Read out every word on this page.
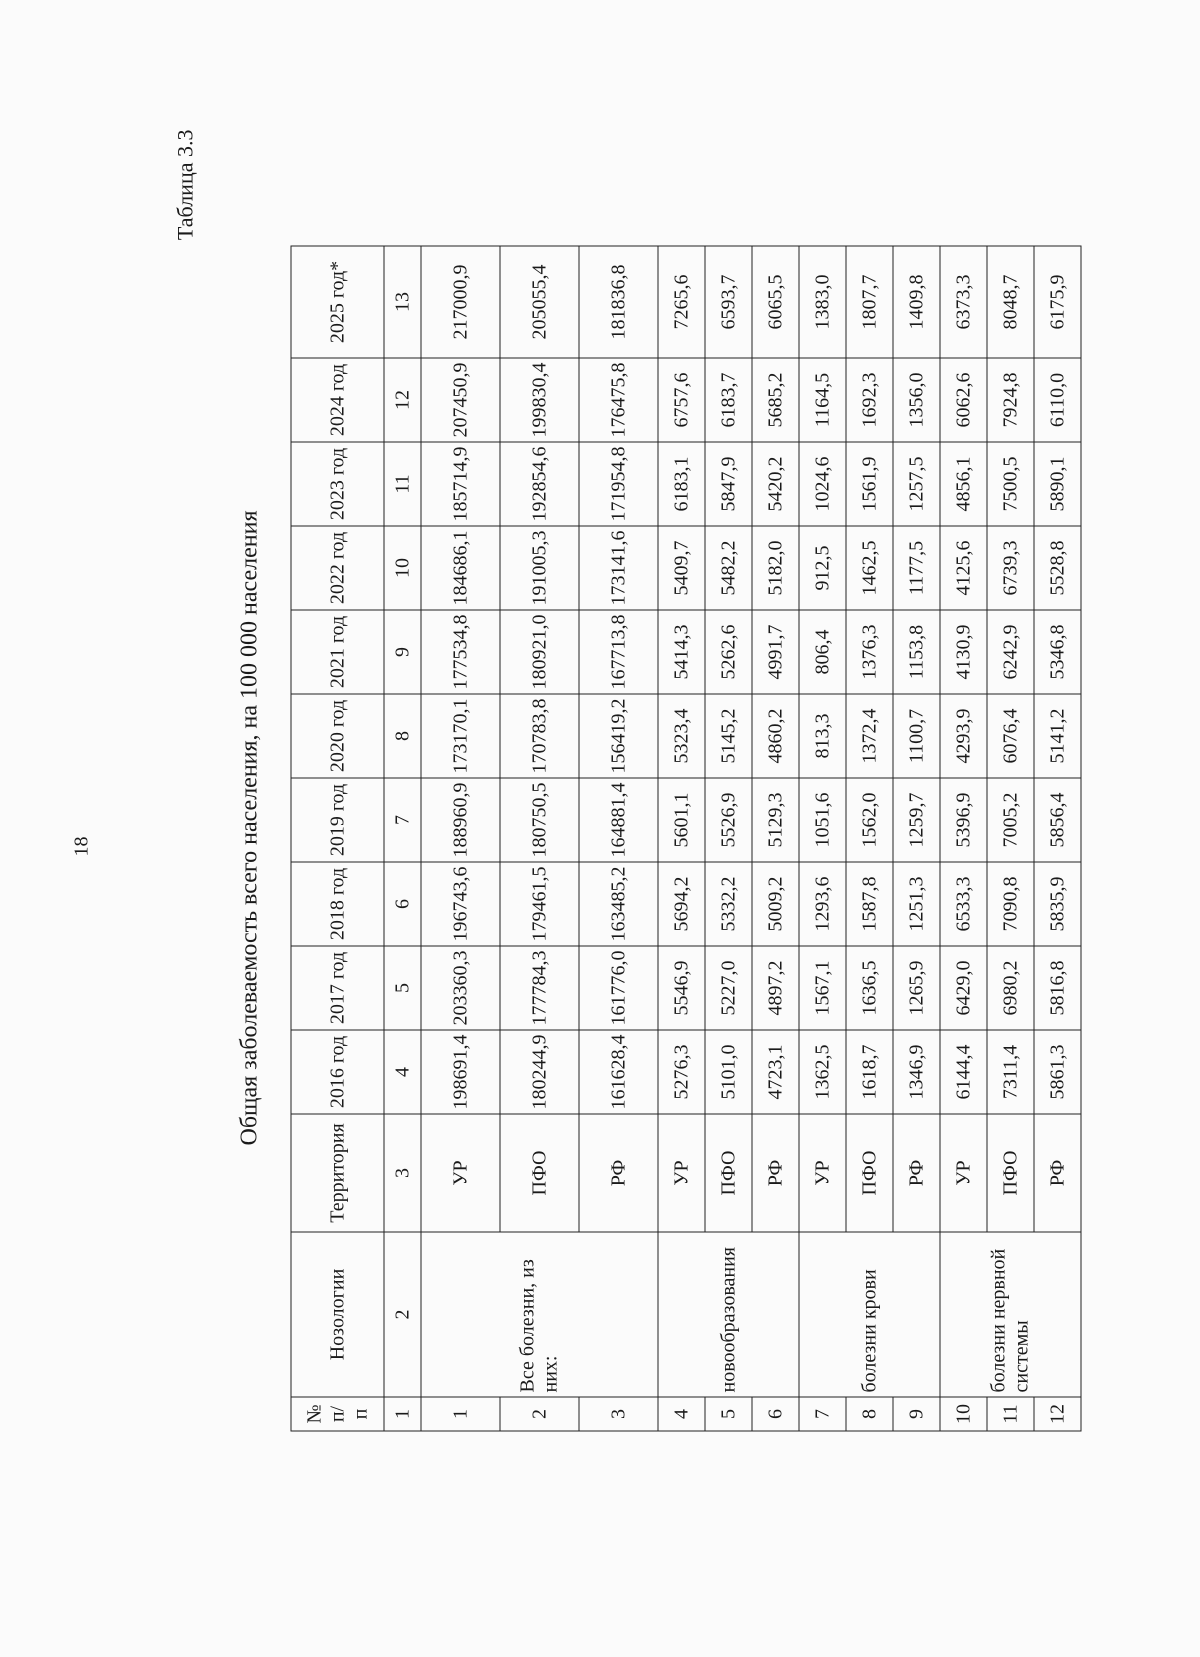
18
Таблица 3.3
Общая заболеваемость всего населения, на 100 000 населения
№ п/п	Нозологии	Территория	2016 год	2017 год	2018 год	2019 год	2020 год	2021 год	2022 год	2023 год	2024 год	2025 год*
1	2	3	4	5	6	7	8	9	10	11	12	13
1	Все болезни, из них:	УР	198691,4	203360,3	196743,6	188960,9	173170,1	177534,8	184686,1	185714,9	207450,9	217000,9
2		ПФО	180244,9	177784,3	179461,5	180750,5	170783,8	180921,0	191005,3	192854,6	199830,4	205055,4
3		РФ	161628,4	161776,0	163485,2	164881,4	156419,2	167713,8	173141,6	171954,8	176475,8	181836,8
4	новообразования	УР	5276,3	5546,9	5694,2	5601,1	5323,4	5414,3	5409,7	6183,1	6757,6	7265,6
5		ПФО	5101,0	5227,0	5332,2	5526,9	5145,2	5262,6	5482,2	5847,9	6183,7	6593,7
6		РФ	4723,1	4897,2	5009,2	5129,3	4860,2	4991,7	5182,0	5420,2	5685,2	6065,5
7	болезни крови	УР	1362,5	1567,1	1293,6	1051,6	813,3	806,4	912,5	1024,6	1164,5	1383,0
8		ПФО	1618,7	1636,5	1587,8	1562,0	1372,4	1376,3	1462,5	1561,9	1692,3	1807,7
9		РФ	1346,9	1265,9	1251,3	1259,7	1100,7	1153,8	1177,5	1257,5	1356,0	1409,8
10	болезни нервной системы	УР	6144,4	6429,0	6533,3	5396,9	4293,9	4130,9	4125,6	4856,1	6062,6	6373,3
11		ПФО	7311,4	6980,2	7090,8	7005,2	6076,4	6242,9	6739,3	7500,5	7924,8	8048,7
12		РФ	5861,3	5816,8	5835,9	5856,4	5141,2	5346,8	5528,8	5890,1	6110,0	6175,9
